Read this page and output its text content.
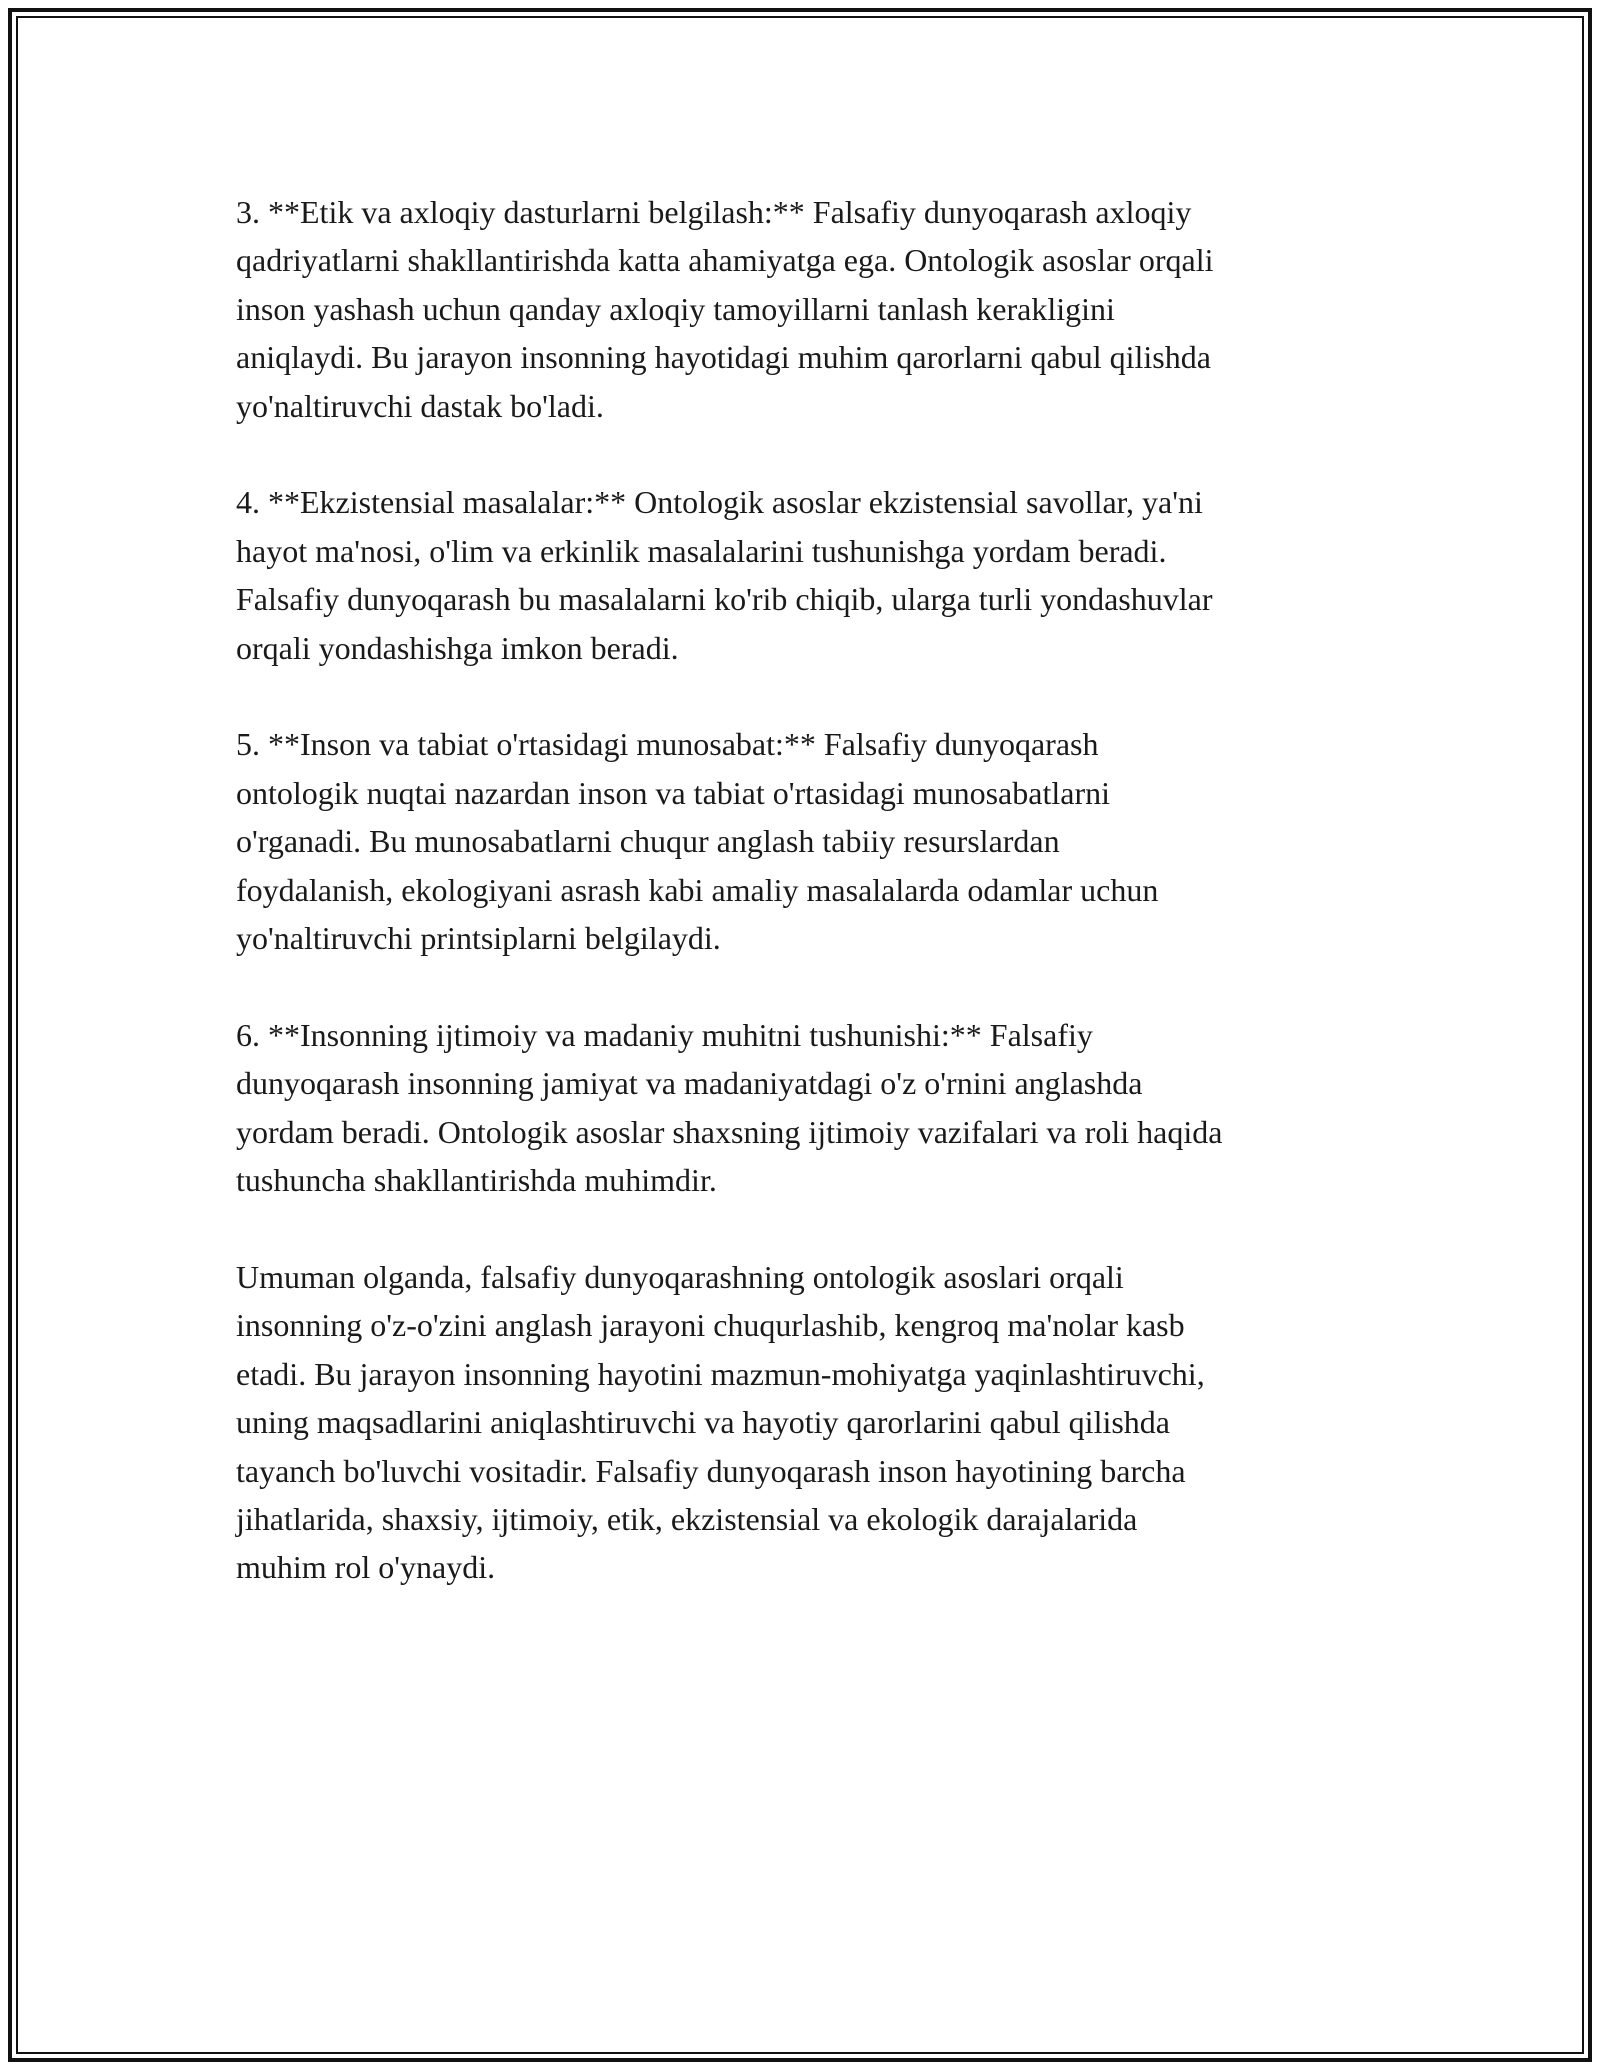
3. **Etik va axloqiy dasturlarni belgilash:** Falsafiy dunyoqarash axloqiy
qadriyatlarni shakllantirishda katta ahamiyatga ega. Ontologik asoslar orqali
inson yashash uchun qanday axloqiy tamoyillarni tanlash kerakligini
aniqlaydi. Bu jarayon insonning hayotidagi muhim qarorlarni qabul qilishda
yo'naltiruvchi dastak bo'ladi.

4. **Ekzistensial masalalar:** Ontologik asoslar ekzistensial savollar, ya'ni
hayot ma'nosi, o'lim va erkinlik masalalarini tushunishga yordam beradi.
Falsafiy dunyoqarash bu masalalarni ko'rib chiqib, ularga turli yondashuvlar
orqali yondashishga imkon beradi.

5. **Inson va tabiat o'rtasidagi munosabat:** Falsafiy dunyoqarash
ontologik nuqtai nazardan inson va tabiat o'rtasidagi munosabatlarni
o'rganadi. Bu munosabatlarni chuqur anglash tabiiy resurslardan
foydalanish, ekologiyani asrash kabi amaliy masalalarda odamlar uchun
yo'naltiruvchi printsiplarni belgilaydi.

6. **Insonning ijtimoiy va madaniy muhitni tushunishi:** Falsafiy
dunyoqarash insonning jamiyat va madaniyatdagi o'z o'rnini anglashda
yordam beradi. Ontologik asoslar shaxsning ijtimoiy vazifalari va roli haqida
tushuncha shakllantirishda muhimdir.

Umuman olganda, falsafiy dunyoqarashning ontologik asoslari orqali
insonning o'z-o'zini anglash jarayoni chuqurlashib, kengroq ma'nolar kasb
etadi. Bu jarayon insonning hayotini mazmun-mohiyatga yaqinlashtiruvchi,
uning maqsadlarini aniqlashtiruvchi va hayotiy qarorlarini qabul qilishda
tayanch bo'luvchi vositadir. Falsafiy dunyoqarash inson hayotining barcha
jihatlarida, shaxsiy, ijtimoiy, etik, ekzistensial va ekologik darajalarida
muhim rol o'ynaydi.
